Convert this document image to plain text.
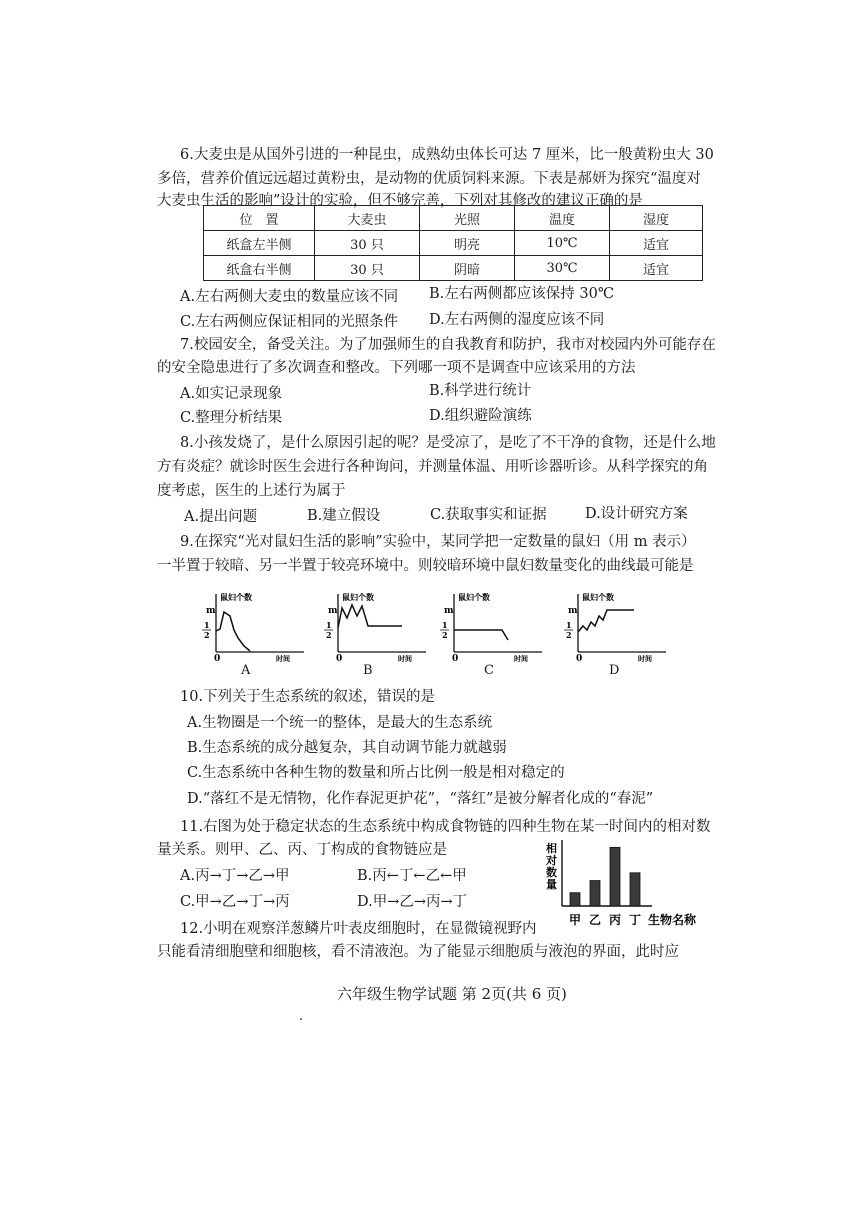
6.大麦虫是从国外引进的一种昆虫，成熟幼虫体长可达 7 厘米，比一般黄粉虫大 30
多倍，营养价值远远超过黄粉虫，是动物的优质饲料来源。下表是郝妍为探究“温度对
大麦虫生活的影响”设计的实验，但不够完善，下列对其修改的建议正确的是
位　置	大麦虫	光照	温度	湿度
纸盒左半侧	30 只	明亮	10℃	适宜
纸盒右半侧	30 只	阴暗	30℃	适宜
A.左右两侧大麦虫的数量应该不同 B.左右两侧都应该保持 30℃
C.左右两侧应保证相同的光照条件 D.左右两侧的湿度应该不同
7.校园安全，备受关注。为了加强师生的自我教育和防护，我市对校园内外可能存在
的安全隐患进行了多次调查和整改。下列哪一项不是调查中应该采用的方法
A.如实记录现象	B.科学进行统计
C.整理分析结果	D.组织避险演练
8.小孩发烧了，是什么原因引起的呢？是受凉了，是吃了不干净的食物，还是什么地
方有炎症？就诊时医生会进行各种询问，并测量体温、用听诊器听诊。从科学探究的角
度考虑，医生的上述行为属于
A.提出问题	B.建立假设	C.获取事实和证据	D.设计研究方案
9.在探究“光对鼠妇生活的影响”实验中，某同学把一定数量的鼠妇（用 m 表示）
一半置于较暗、另一半置于较亮环境中。则较暗环境中鼠妇数量变化的曲线最可能是
鼠妇个数
m
1
2
0	时间
A
鼠妇个数
m
1
2
0	时间
B
鼠妇个数
m
1
2
0	时间
C
鼠妇个数
m
1
2
0	时间
D
10.下列关于生态系统的叙述，错误的是
A.生物圈是一个统一的整体，是最大的生态系统
B.生态系统的成分越复杂，其自动调节能力就越弱
C.生态系统中各种生物的数量和所占比例一般是相对稳定的
D.“落红不是无情物，化作春泥更护花”，“落红”是被分解者化成的“春泥”
11.右图为处于稳定状态的生态系统中构成食物链的四种生物在某一时间内的相对数
量关系。则甲、乙、丙、丁构成的食物链应是
A.丙→丁→乙→甲	B.丙←丁←乙←甲
C.甲→乙→丁→丙	D.甲→乙→丙→丁
相
对
数
量
甲 乙 丙 丁 生物名称
12.小明在观察洋葱鳞片叶表皮细胞时，在显微镜视野内
只能看清细胞壁和细胞核，看不清液泡。为了能显示细胞质与液泡的界面，此时应
六年级生物学试题 第 2页(共 6 页)
